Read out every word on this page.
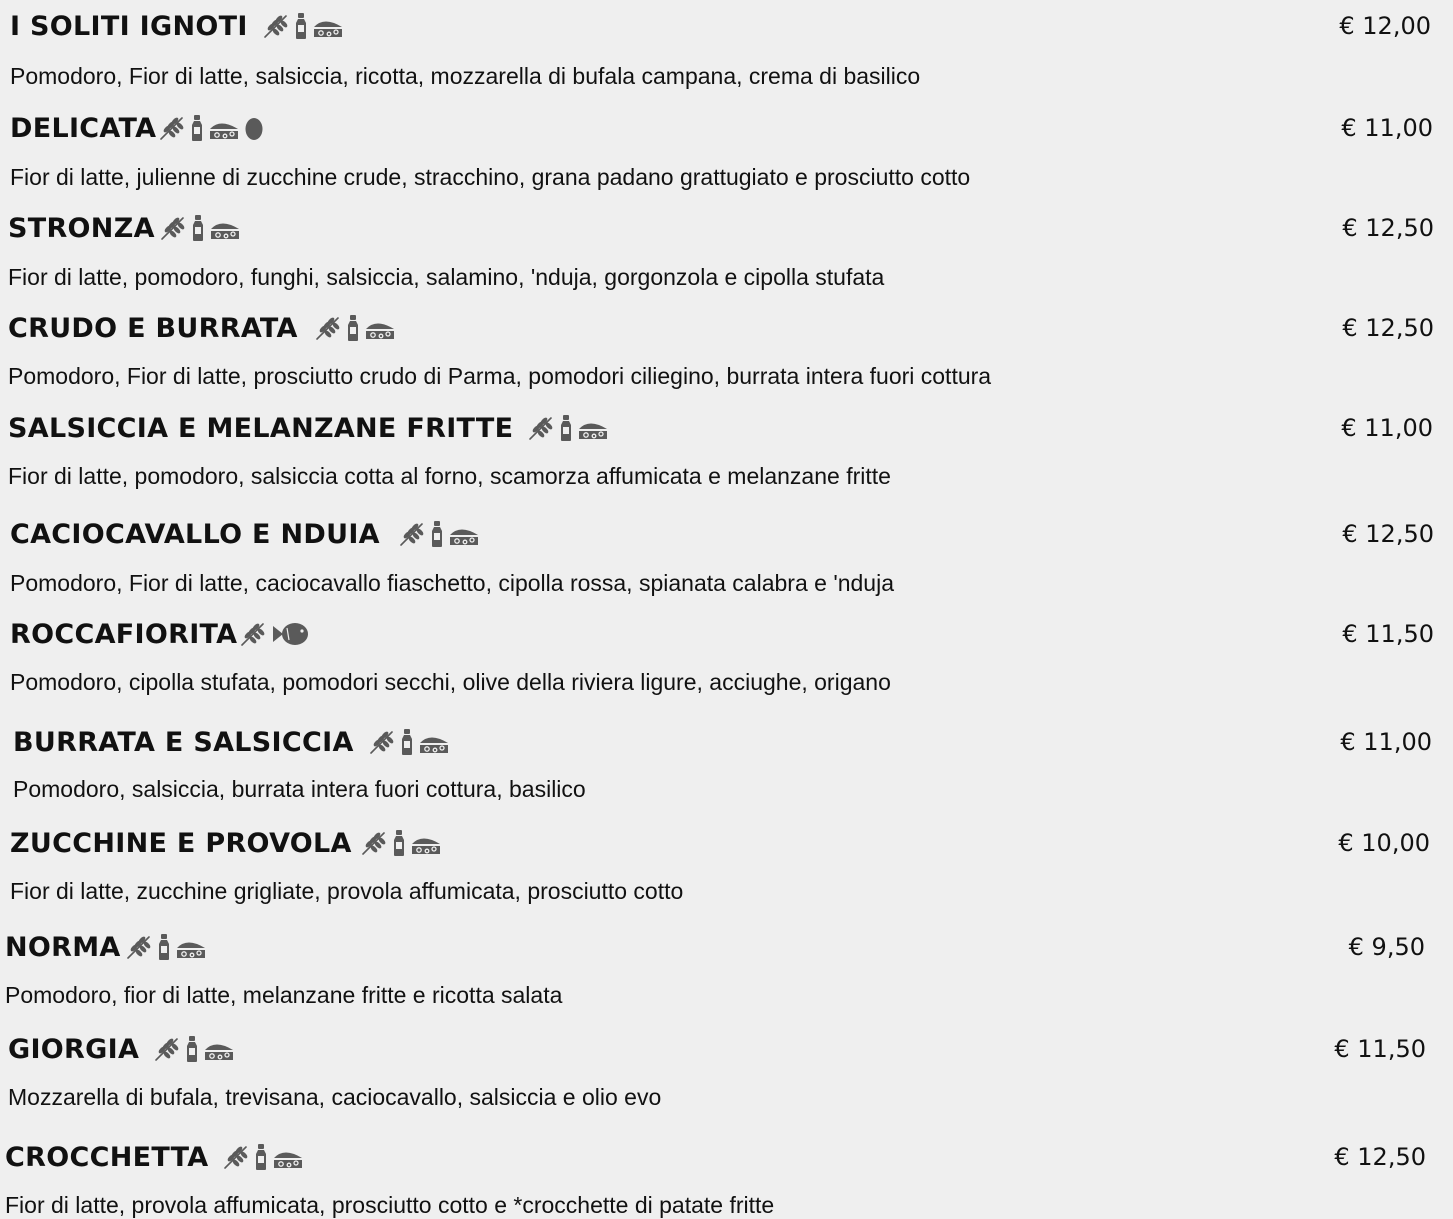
I SOLITI IGNOTI	€ 12,00
Pomodoro, Fior di latte, salsiccia, ricotta, mozzarella di bufala campana, crema di basilico
DELICATA	€ 11,00
Fior di latte, julienne di zucchine crude, stracchino, grana padano grattugiato e prosciutto cotto
STRONZA	€ 12,50
Fior di latte, pomodoro, funghi, salsiccia, salamino, 'nduja, gorgonzola e cipolla stufata
CRUDO E BURRATA	€ 12,50
Pomodoro, Fior di latte, prosciutto crudo di Parma, pomodori ciliegino, burrata intera fuori cottura
SALSICCIA E MELANZANE FRITTE	€ 11,00
Fior di latte, pomodoro, salsiccia cotta al forno, scamorza affumicata e melanzane fritte
CACIOCAVALLO E NDUIA	€ 12,50
Pomodoro, Fior di latte, caciocavallo fiaschetto, cipolla rossa, spianata calabra e 'nduja
ROCCAFIORITA	€ 11,50
Pomodoro, cipolla stufata, pomodori secchi, olive della riviera ligure, acciughe, origano
BURRATA E SALSICCIA	€ 11,00
Pomodoro, salsiccia, burrata intera fuori cottura, basilico
ZUCCHINE E PROVOLA	€ 10,00
Fior di latte, zucchine grigliate, provola affumicata, prosciutto cotto
NORMA	€ 9,50
Pomodoro, fior di latte, melanzane fritte e ricotta salata
GIORGIA	€ 11,50
Mozzarella di bufala, trevisana, caciocavallo, salsiccia e olio evo
CROCCHETTA	€ 12,50
Fior di latte, provola affumicata, prosciutto cotto e *crocchette di patate fritte
